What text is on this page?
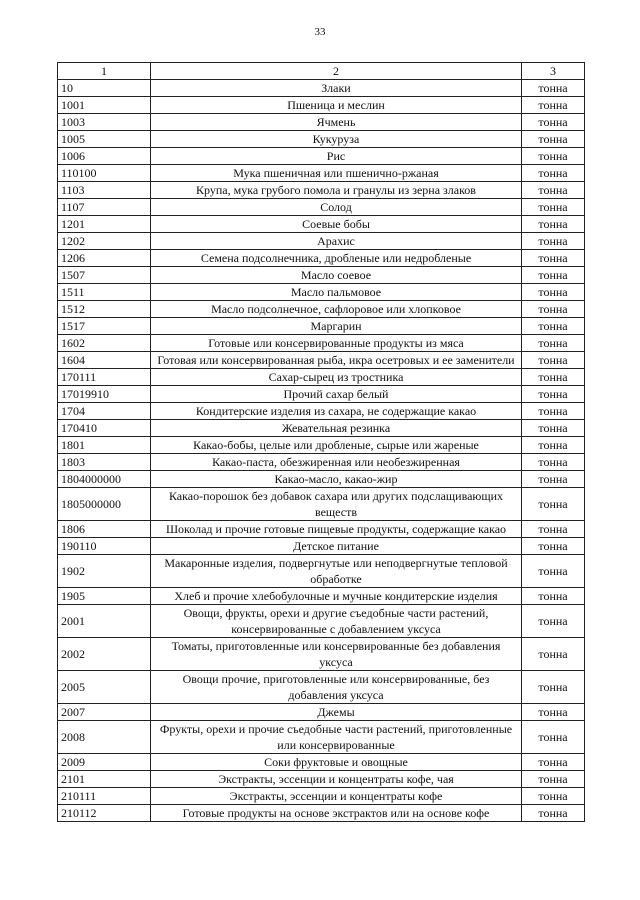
33
1	2	3
10	Злаки	тонна
1001	Пшеница и меслин	тонна
1003	Ячмень	тонна
1005	Кукуруза	тонна
1006	Рис	тонна
110100	Мука пшеничная или пшенично-ржаная	тонна
1103	Крупа, мука грубого помола и гранулы из зерна злаков	тонна
1107	Солод	тонна
1201	Соевые бобы	тонна
1202	Арахис	тонна
1206	Семена подсолнечника, дробленые или недробленые	тонна
1507	Масло соевое	тонна
1511	Масло пальмовое	тонна
1512	Масло подсолнечное, сафлоровое или хлопковое	тонна
1517	Маргарин	тонна
1602	Готовые или консервированные продукты из мяса	тонна
1604	Готовая или консервированная рыба, икра осетровых и ее заменители	тонна
170111	Сахар-сырец из тростника	тонна
17019910	Прочий сахар белый	тонна
1704	Кондитерские изделия из сахара, не содержащие какао	тонна
170410	Жевательная резинка	тонна
1801	Какао-бобы, целые или дробленые, сырые или жареные	тонна
1803	Какао-паста, обезжиренная или необезжиренная	тонна
1804000000	Какао-масло, какао-жир	тонна
1805000000	Какао-порошок без добавок сахара или других подслащивающих веществ	тонна
1806	Шоколад и прочие готовые пищевые продукты, содержащие какао	тонна
190110	Детское питание	тонна
1902	Макаронные изделия, подвергнутые или неподвергнутые тепловой обработке	тонна
1905	Хлеб и прочие хлебобулочные и мучные кондитерские изделия	тонна
2001	Овощи, фрукты, орехи и другие съедобные части растений, консервированные с добавлением уксуса	тонна
2002	Томаты, приготовленные или консервированные без добавления уксуса	тонна
2005	Овощи прочие, приготовленные или консервированные, без добавления уксуса	тонна
2007	Джемы	тонна
2008	Фрукты, орехи и прочие съедобные части растений, приготовленные или консервированные	тонна
2009	Соки фруктовые и овощные	тонна
2101	Экстракты, эссенции и концентраты кофе, чая	тонна
210111	Экстракты, эссенции и концентраты кофе	тонна
210112	Готовые продукты на основе экстрактов или на основе кофе	тонна
